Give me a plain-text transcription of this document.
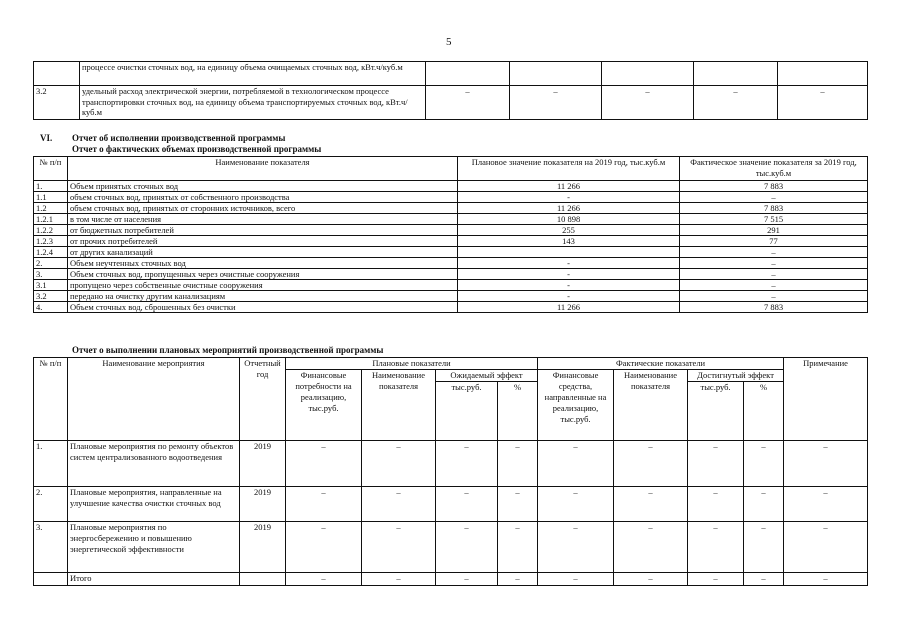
5
	процессе очистки сточных вод, на единицу объема очищаемых сточных вод, кВт.ч/куб.м					
3.2	удельный расход электрической энергии, потребляемой в технологическом процессе транспортировки сточных вод, на единицу объема транспортируемых сточных вод, кВт.ч/куб.м	–	–	–	–	–
VI. Отчет об исполнении производственной программы
Отчет о фактических объемах производственной программы
№ п/п	Наименование показателя	Плановое значение показателя на 2019 год, тыс.куб.м	Фактическое значение показателя за 2019 год, тыс.куб.м
1.	Объем принятых сточных вод	11 266	7 883
1.1	объем сточных вод, принятых от собственного производства	-	–
1.2	объем сточных вод, принятых от сторонних источников, всего	11 266	7 883
1.2.1	в том числе от населения	10 898	7 515
1.2.2	от бюджетных потребителей	255	291
1.2.3	от прочих потребителей	143	77
1.2.4	от других канализаций		–
2.	Объем неучтенных сточных вод	-	–
3.	Объем сточных вод, пропущенных через очистные сооружения	-	–
3.1	пропущено через собственные очистные сооружения	-	–
3.2	передано на очистку другим канализациям	-	–
4.	Объем сточных вод, сброшенных без очистки	11 266	7 883
Отчет о выполнении плановых мероприятий производственной программы
№ п/п	Наименование мероприятия	Отчетный год	Плановые показатели				Фактические показатели				Примечание
			Финансовые потребности на реализацию, тыс.руб.	Наименование показателя	Ожидаемый эффект		Финансовые средства, направленные на реализацию, тыс.руб.	Наименование показателя	Достигнутый эффект		
					тыс.руб.	%			тыс.руб.	%	
1.	Плановые мероприятия по ремонту объектов систем централизованного водоотведения	2019	–	–	–	–	–	–	–	–	–
2.	Плановые мероприятия, направленные на улучшение качества очистки сточных вод	2019	–	–	–	–	–	–	–	–	–
3.	Плановые мероприятия по энергосбережению и повышению энергетической эффективности	2019	–	–	–	–	–	–	–	–	–
	Итого		–	–	–	–	–	–	–	–	–
